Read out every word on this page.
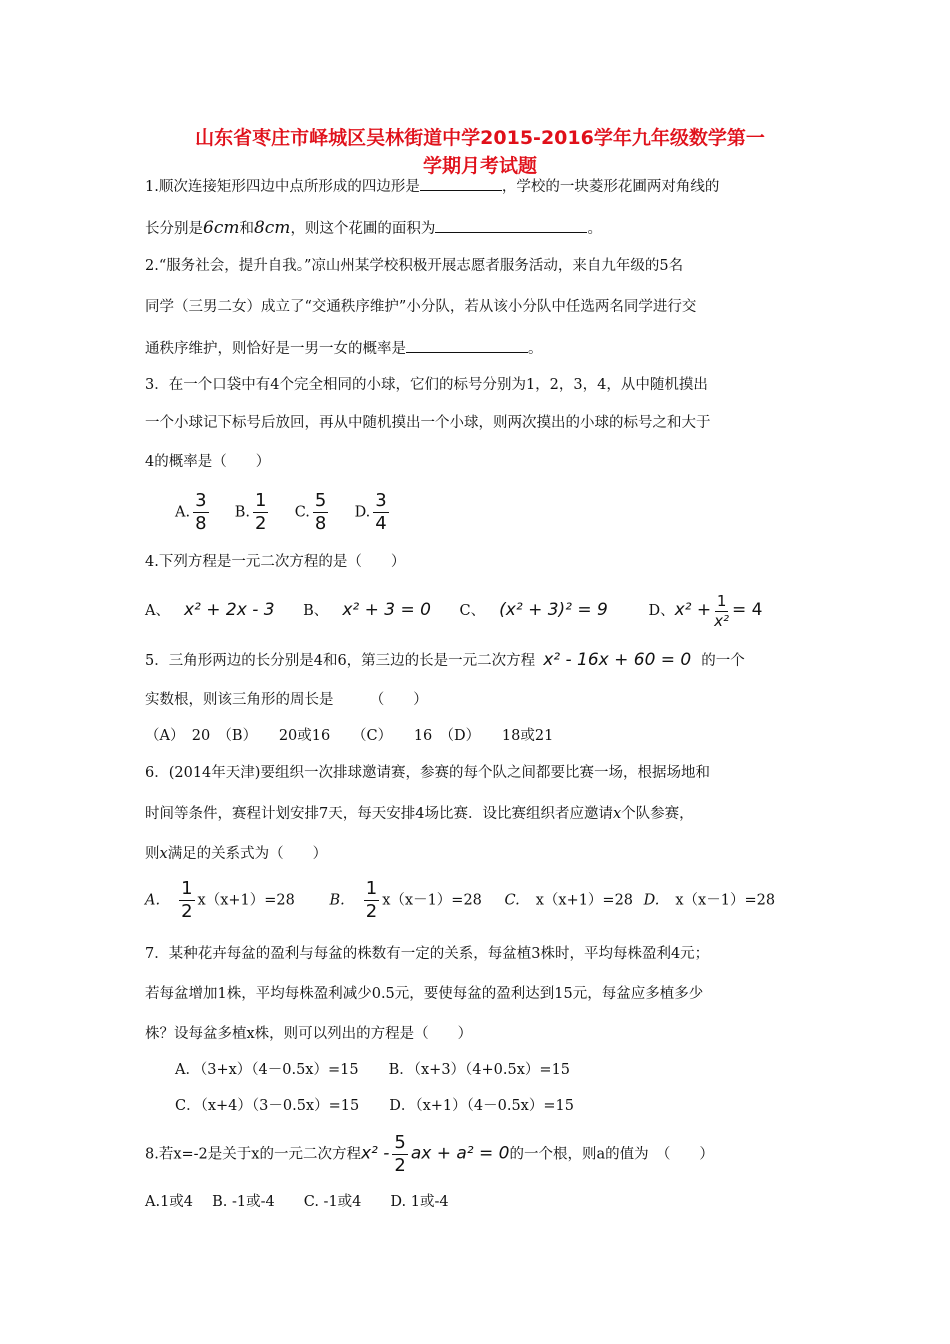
山东省枣庄市峄城区吴林街道中学2015-2016学年九年级数学第一
学期月考试题
1.顺次连接矩形四边中点所形成的四边形是	，学校的一块菱形花圃两对角线的
长分别是6cm和8cm，则这个花圃的面积为	。
2.“服务社会，提升自我。”凉山州某学校积极开展志愿者服务活动，来自九年级的5名
同学（三男二女）成立了“交通秩序维护”小分队，若从该小分队中任选两名同学进行交
通秩序维护，则恰好是一男一女的概率是	。
3．在一个口袋中有4个完全相同的小球，它们的标号分别为1，2，3，4，从中随机摸出
一个小球记下标号后放回，再从中随机摸出一个小球，则两次摸出的小球的标号之和大于
4的概率是（　　）
A. $\frac{3}{8} B$. $\frac{1}{2} C$. $\frac{5}{8} D$. $\frac{3}{4}$
4.下列方程是一元二次方程的是（　　）
A、 x² + 2x - 3 B、 x² + 3 = 0 C、 (x² + 3)² = 9	D、$x^2 + \frac{1}{\text{x²}} = 4$
5．三角形两边的长分别是4和6，第三边的长是一元二次方程 x² - 16x + 60 = 0 的一个
实数根，则该三角形的周长是　　　（　　）
（A）　20　（B）　　20或16　　（C）　　16　（D）　　18或21
6．(2014年天津)要组织一次排球邀请赛，参赛的每个队之间都要比赛一场，根据场地和
时间等条件，赛程计划安排7天，每天安排4场比赛．设比赛组织者应邀请x个队参赛，
则x满足的关系式为（　　）
A. $\frac{1}{2} x(x+1)=28$ B. $\frac{1}{2} x(x-1)=28$ C. x（x+1）=28 D. x（x－1）=28
7．某种花卉每盆的盈利与每盆的株数有一定的关系，每盆植3株时，平均每株盈利4元；
若每盆增加1株，平均每株盈利减少0.5元，要使每盆的盈利达到15元，每盆应多植多少
株？设每盆多植x株，则可以列出的方程是（　　）
A．（3+x）（4－0.5x）=15 B．（x+3）（4+0.5x）=15
C．（x+4）（3－0.5x）=15 D．（x+1）（4－0.5x）=15
8.若x=-2是关于x的一元二次方程$x^2 - \frac{5}{2}$ ax + a² = 0的一个根，则a的值为　（　　）
A.1或4　 B. -1或-4　　C. -1或4　　D. 1或-4
